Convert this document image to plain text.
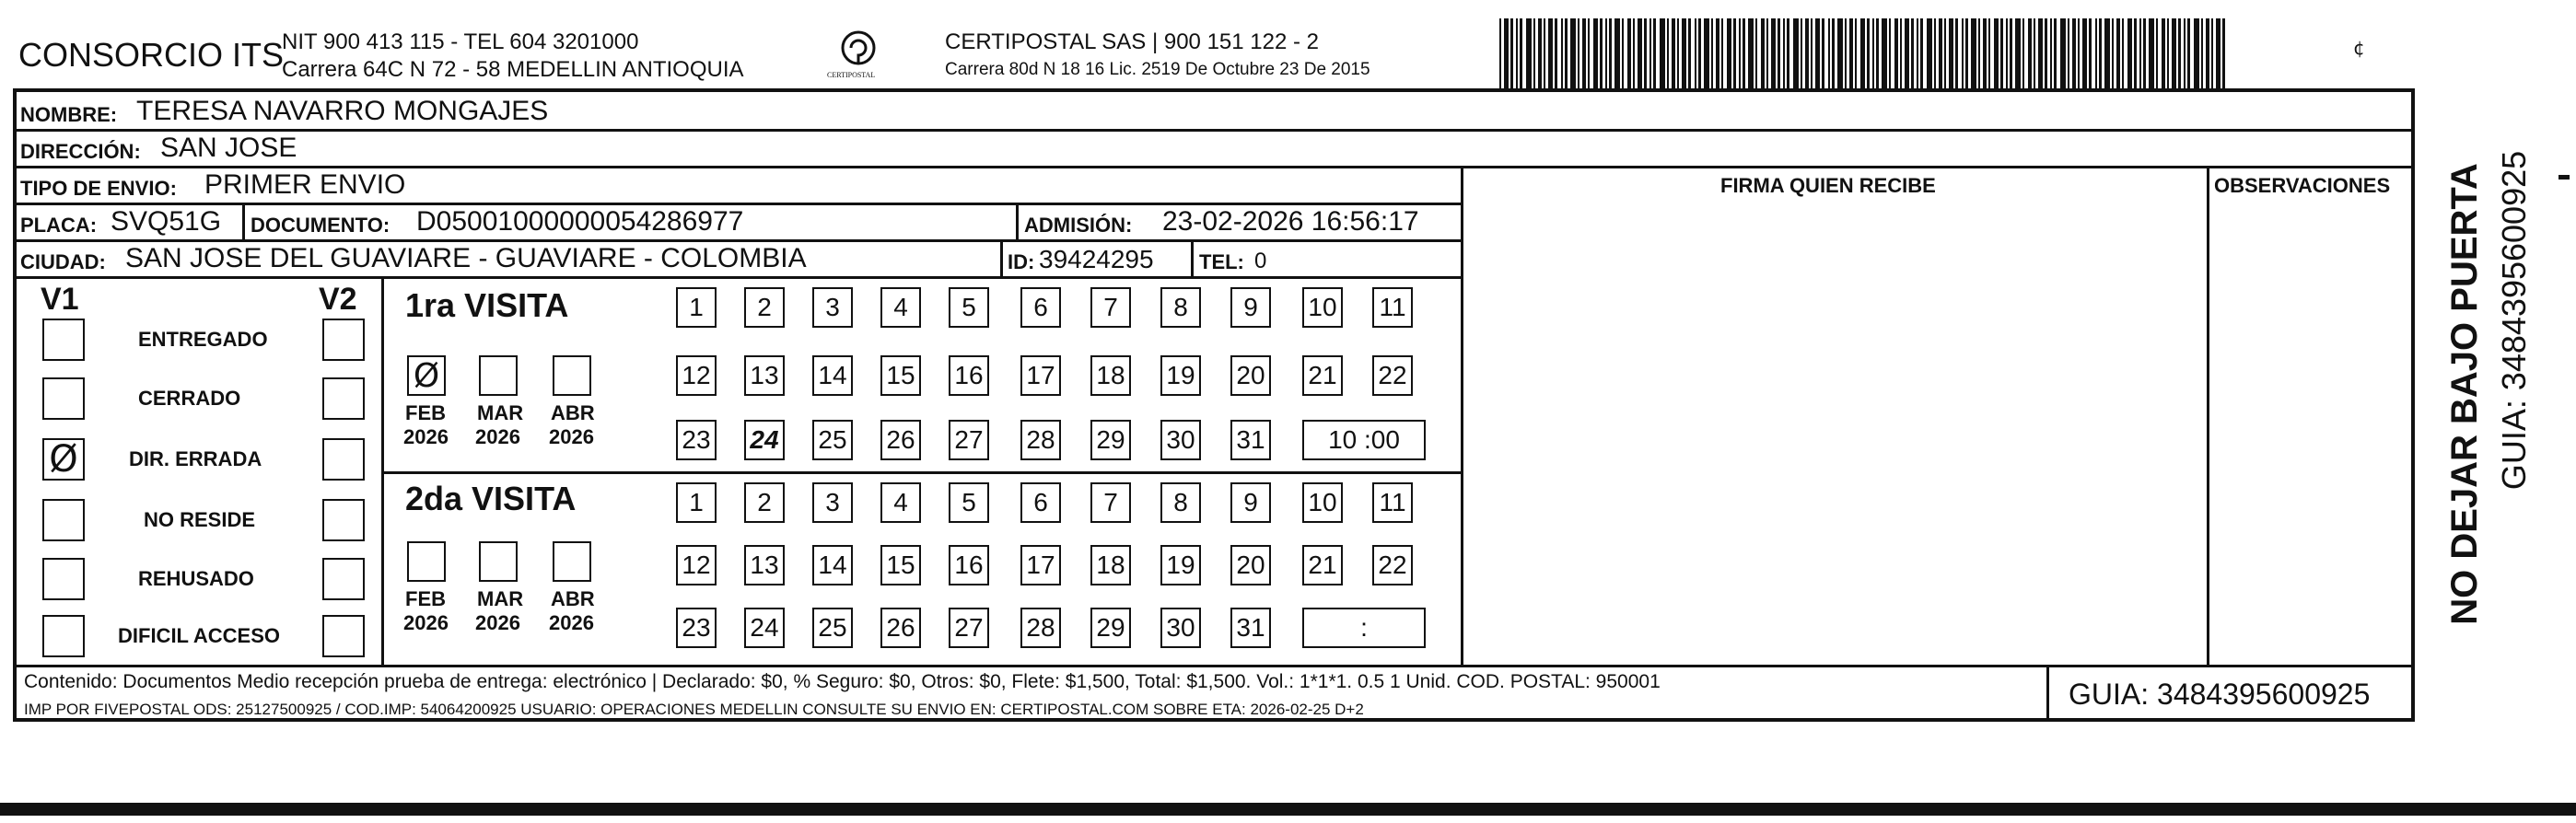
CONSORCIO ITS
NIT 900 413 115 - TEL 604 3201000
Carrera 64C N 72 - 58 MEDELLIN ANTIOQUIA	CERTIPOSTAL
CERTIPOSTAL SAS | 900 151 122 - 2
Carrera 80d N 18 16 Lic. 2519 De Octubre 23 De 2015
¢
NOMBRE: TERESA NAVARRO MONGAJES
DIRECCIÓN: SAN JOSE
TIPO DE ENVIO: PRIMER ENVIO	FIRMA QUIEN RECIBE	OBSERVACIONES
PLACA: SVQ51G DOCUMENTO: D05001000000054286977	ADMISIÓN: 23-02-2026 16:56:17
CIUDAD: SAN JOSE DEL GUAVIARE - GUAVIARE - COLOMBIA	ID: 39424295 TEL: 0
V1	V2
ENTREGADO
CERRADO
Ø	DIR. ERRADA
NO RESIDE
REHUSADO
DIFICIL ACCESO
1ra VISITA
2da VISITA
Ø
FEB
2026
MAR
2026
ABR
2026
FEB
2026
MAR
2026
ABR
2026
1	2	3	4	5	6	7	8	9	10 11
12 13 14 15 16 17 18 19 20 21 22
23 24 25 26 27 28 29 30 31	10 :00
1	2	3	4	5	6	7	8	9	10 11
12 13 14 15 16 17 18 19 20 21 22
23 24 25 26 27 28 29 30 31	:
Contenido: Documentos Medio recepción prueba de entrega: electrónico | Declarado: $0, % Seguro: $0, Otros: $0, Flete: $1,500, Total: $1,500. Vol.: 1*1*1. 0.5 1 Unid. COD. POSTAL: 950001
IMP POR FIVEPOSTAL ODS: 25127500925 / COD.IMP: 54064200925 USUARIO: OPERACIONES MEDELLIN CONSULTE SU ENVIO EN: CERTIPOSTAL.COM SOBRE ETA: 2026-02-25 D+2	GUIA: 3484395600925
NO DEJAR BAJO PUERTA GUIA: 3484395600925
